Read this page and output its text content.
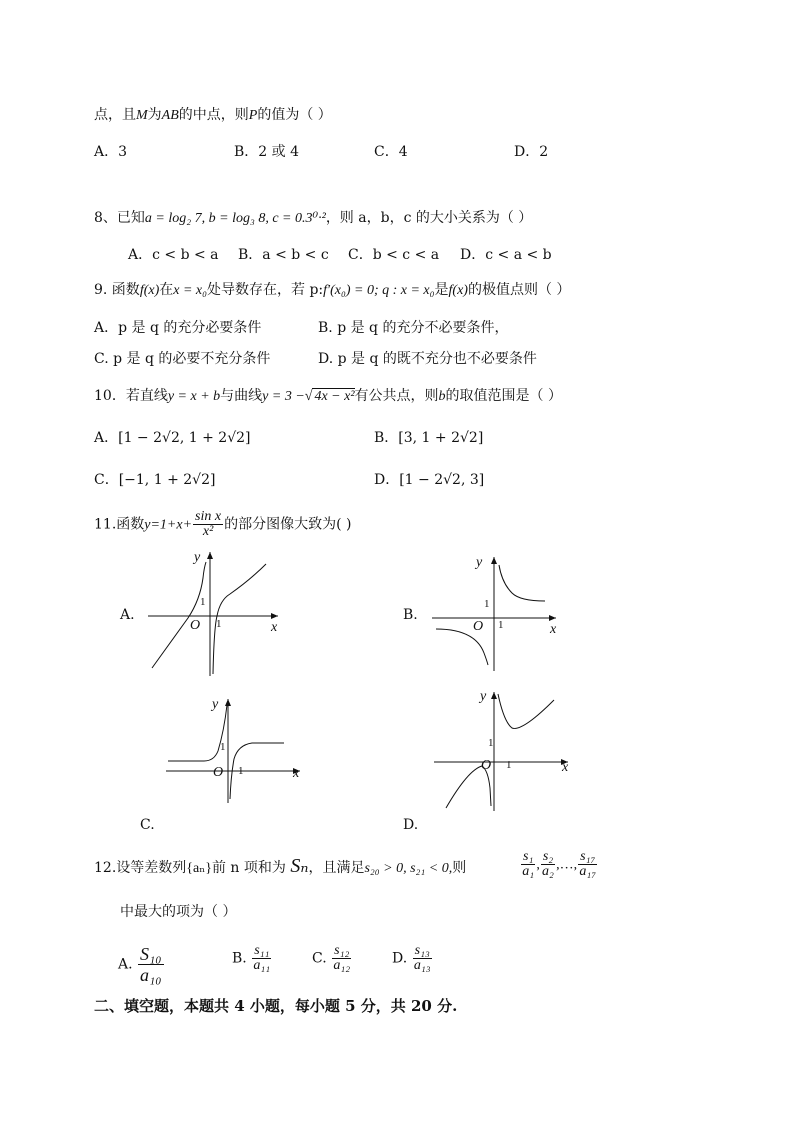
点，且M为AB的中点，则P的值为（ ）
A．3	B．2 或 4	C．4	D．2
8、已知a = log₂ 7, b = log₃ 8, c = 0.3⁰·²，则 a，b，c 的大小关系为（ ）
A．c < b < a B．a < b < c C．b < c < a D．c < a < b
9. 函数f(x)在x = x₀处导数存在，若 p:f′(x₀) = 0; q : x = x₀是f(x)的极值点则（ ）
A．p 是 q 的充分必要条件	B. p 是 q 的充分不必要条件，
C. p 是 q 的必要不充分条件	D. p 是 q 的既不充分也不必要条件
10．若直线y = x + b与曲线y = 3 −√ 4x − x²有公共点，则b的取值范围是（ ）
A．[1 − 2√2, 1 + 2√2]	B．[3, 1 + 2√2]
C．[−1, 1 + 2√2]	D．[1 − 2√2, 3]
11.函数$y=1+x+ \frac{\text{sin x}}{\text{x²}}$ 的部分图像大致为( )
A.
y
x
O
1
1
B.
y
x
O
1
1
C.
y
x
O
1
1
D.
y
x
O
1
1
12.设等差数列{aₙ}前 n 项和为 Sₙ，且满足s₂₀ > 0, s₂₁ < 0,则	$\frac{\text{s₁}}{\text{a₁}}$ , $\frac{\text{s₂}}{\text{a₂}}$ ,…, $\frac{\text{s₁₇}}{\text{a₁₇}}$
中最大的项为（ ）
A. $\frac{\text{S₁₀}}{\text{a₁₀}}$	B. $\frac{\text{s₁₁}}{\text{a₁₁}}$	C. $\frac{\text{s₁₂}}{\text{a₁₂}}$	D. $\frac{\text{s₁₃}}{\text{a₁₃}}$
二、填空题，本题共 4 小题，每小题 5 分，共 20 分.
